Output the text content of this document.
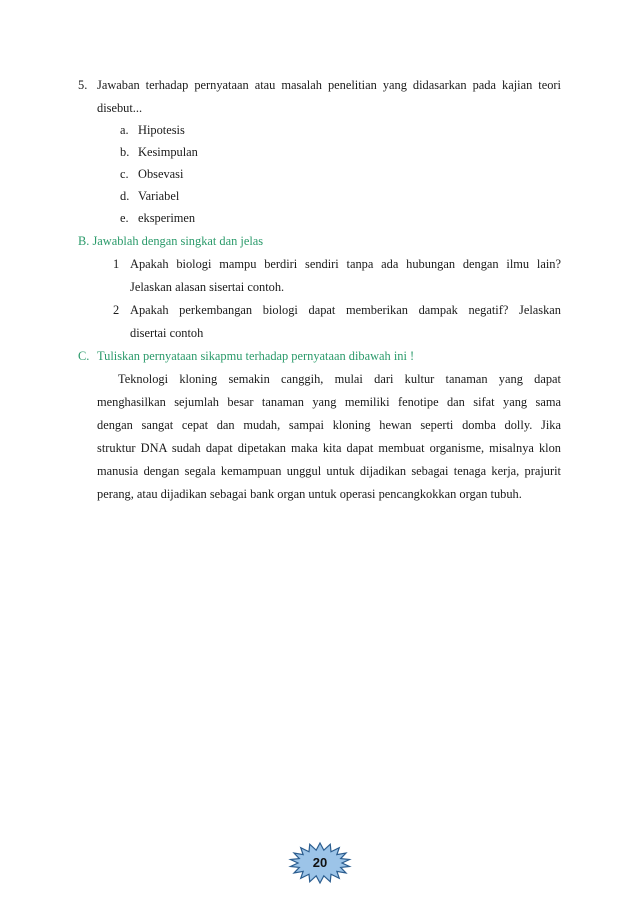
5. Jawaban terhadap pernyataan atau masalah penelitian yang didasarkan pada kajian teori
disebut...
a. Hipotesis
b. Kesimpulan
c. Obsevasi
d. Variabel
e. eksperimen
B. Jawablah dengan singkat dan jelas
1 Apakah biologi mampu berdiri sendiri tanpa ada hubungan dengan ilmu lain?
Jelaskan alasan sisertai contoh.
2 Apakah perkembangan biologi dapat memberikan dampak negatif? Jelaskan
disertai contoh
C. Tuliskan pernyataan sikapmu terhadap pernyataan dibawah ini !
Teknologi kloning semakin canggih, mulai dari kultur tanaman yang dapat
menghasilkan sejumlah besar tanaman yang memiliki fenotipe dan sifat yang sama
dengan sangat cepat dan mudah, sampai kloning hewan seperti domba dolly. Jika
struktur DNA sudah dapat dipetakan maka kita dapat membuat organisme, misalnya klon
manusia dengan segala kemampuan unggul untuk dijadikan sebagai tenaga kerja, prajurit
perang, atau dijadikan sebagai bank organ untuk operasi pencangkokkan organ tubuh.
20
